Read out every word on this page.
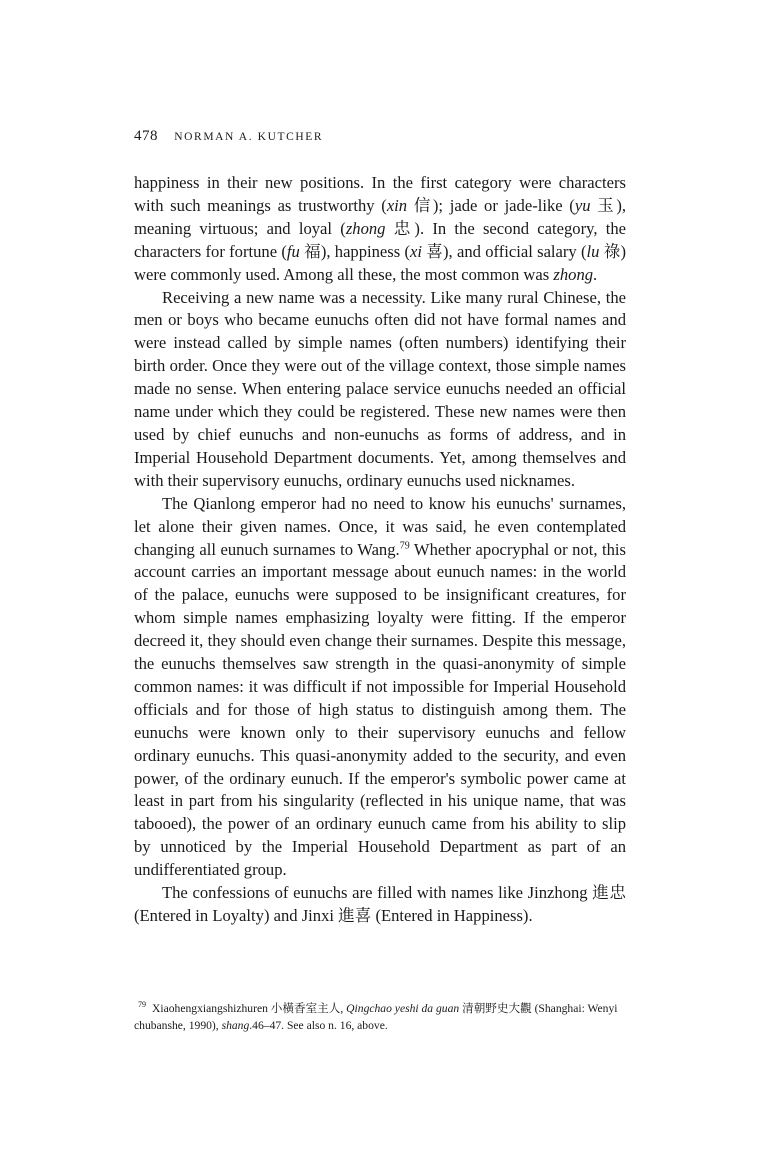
478 NORMAN A. KUTCHER

happiness in their new positions. In the first category were characters with such meanings as trustworthy (xin 信); jade or jade-like (yu 玉), meaning virtuous; and loyal (zhong 忠). In the second category, the characters for fortune (fu 福), happiness (xi 喜), and official salary (lu 祿) were commonly used. Among all these, the most common was zhong.

Receiving a new name was a necessity. Like many rural Chinese, the men or boys who became eunuchs often did not have formal names and were instead called by simple names (often numbers) identifying their birth order. Once they were out of the village context, those simple names made no sense. When entering palace service eunuchs needed an official name under which they could be registered. These new names were then used by chief eunuchs and non-eunuchs as forms of address, and in Imperial Household Department documents. Yet, among themselves and with their supervisory eunuchs, ordinary eunuchs used nicknames.

The Qianlong emperor had no need to know his eunuchs' surnames, let alone their given names. Once, it was said, he even contemplated changing all eunuch surnames to Wang.$^{79}$ Whether apocryphal or not, this account carries an important message about eunuch names: in the world of the palace, eunuchs were supposed to be insignificant creatures, for whom simple names emphasizing loyalty were fitting. If the emperor decreed it, they should even change their surnames. Despite this message, the eunuchs themselves saw strength in the quasi-anonymity of simple common names: it was difficult if not impossible for Imperial Household officials and for those of high status to distinguish among them. The eunuchs were known only to their supervisory eunuchs and fellow ordinary eunuchs. This quasi-anonymity added to the security, and even power, of the ordinary eunuch. If the emperor's symbolic power came at least in part from his singularity (reflected in his unique name, that was tabooed), the power of an ordinary eunuch came from his ability to slip by unnoticed by the Imperial Household Department as part of an undifferentiated group.

The confessions of eunuchs are filled with names like Jinzhong 進忠 (Entered in Loyalty) and Jinxi 進喜 (Entered in Happiness).

$^{79}$ Xiaohengxiangshizhuren 小橫香室主人, Qingchao yeshi da guan 清朝野史大觀 (Shanghai: Wenyi chubanshe, 1990), shang.46–47. See also n. 16, above.
